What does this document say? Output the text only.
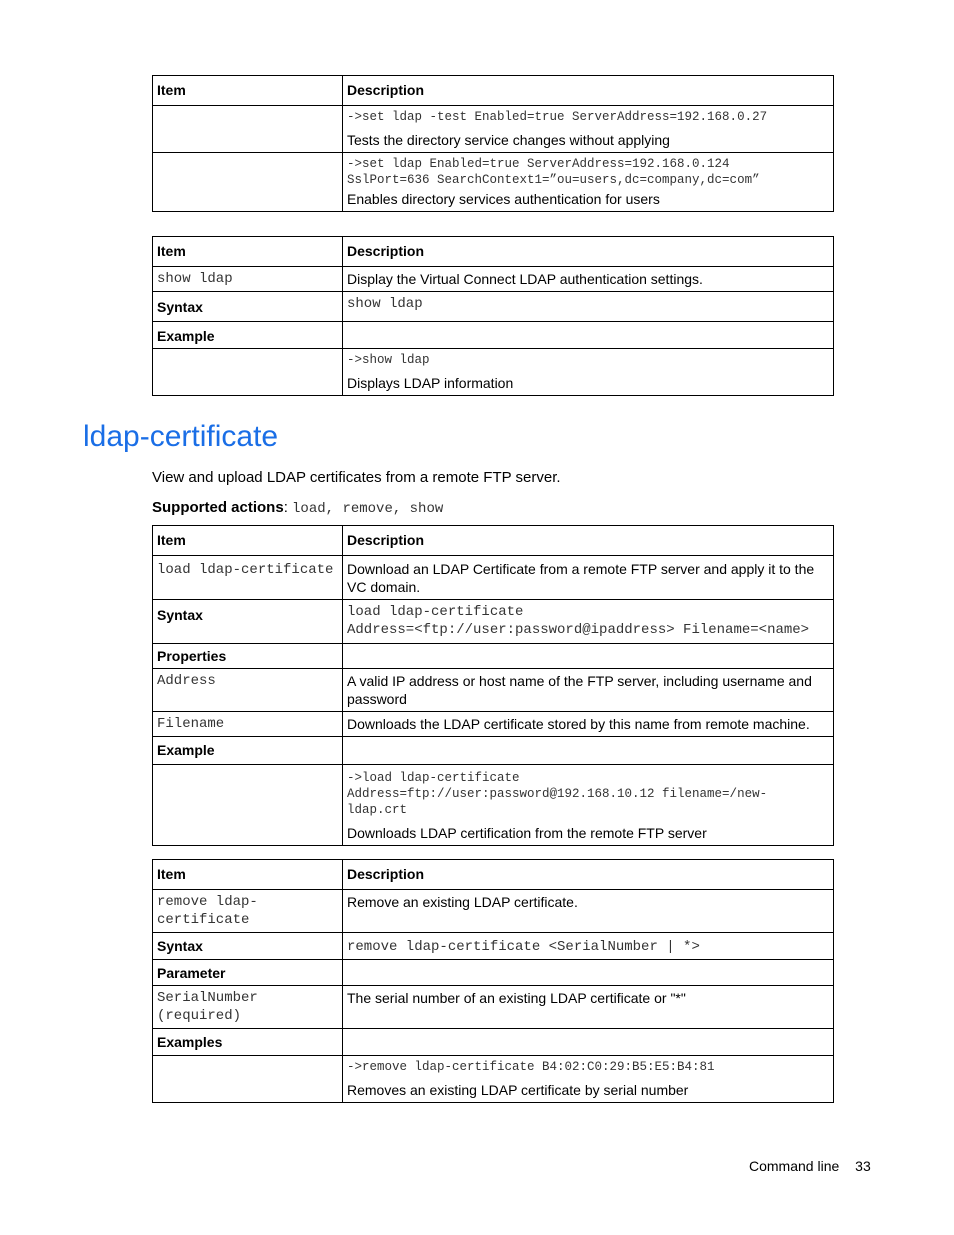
Item	Description

	->set ldap -test Enabled=true ServerAddress=192.168.0.27
Tests the directory service changes without applying

	->set ldap Enabled=true ServerAddress=192.168.0.124
SslPort=636 SearchContext1=”ou=users,dc=company,dc=com”
Enables directory services authentication for users
Item	Description
show ldap	Display the Virtual Connect LDAP authentication settings.
Syntax	show ldap
Example	

	->show ldap
Displays LDAP information
ldap-certificate
View and upload LDAP certificates from a remote FTP server.
Supported actions: load, remove, show
Item	Description
load ldap-certificate	Download an LDAP Certificate from a remote FTP server and apply it to the VC domain.
Syntax	load ldap-certificate
Address=<ftp://user:password@ipaddress> Filename=<name>
Properties	
Address	A valid IP address or host name of the FTP server, including username and password
Filename	Downloads the LDAP certificate stored by this name from remote machine.
Example	

	->load ldap-certificate
Address=ftp://user:password@192.168.10.12 filename=/new-
ldap.crt
Downloads LDAP certification from the remote FTP server
Item	Description
remove ldap-
certificate	Remove an existing LDAP certificate.
Syntax	remove ldap-certificate <SerialNumber | *>
Parameter	
SerialNumber
(required)	The serial number of an existing LDAP certificate or "*"
Examples	

	->remove ldap-certificate B4:02:C0:29:B5:E5:B4:81
Removes an existing LDAP certificate by serial number
Command line 33
